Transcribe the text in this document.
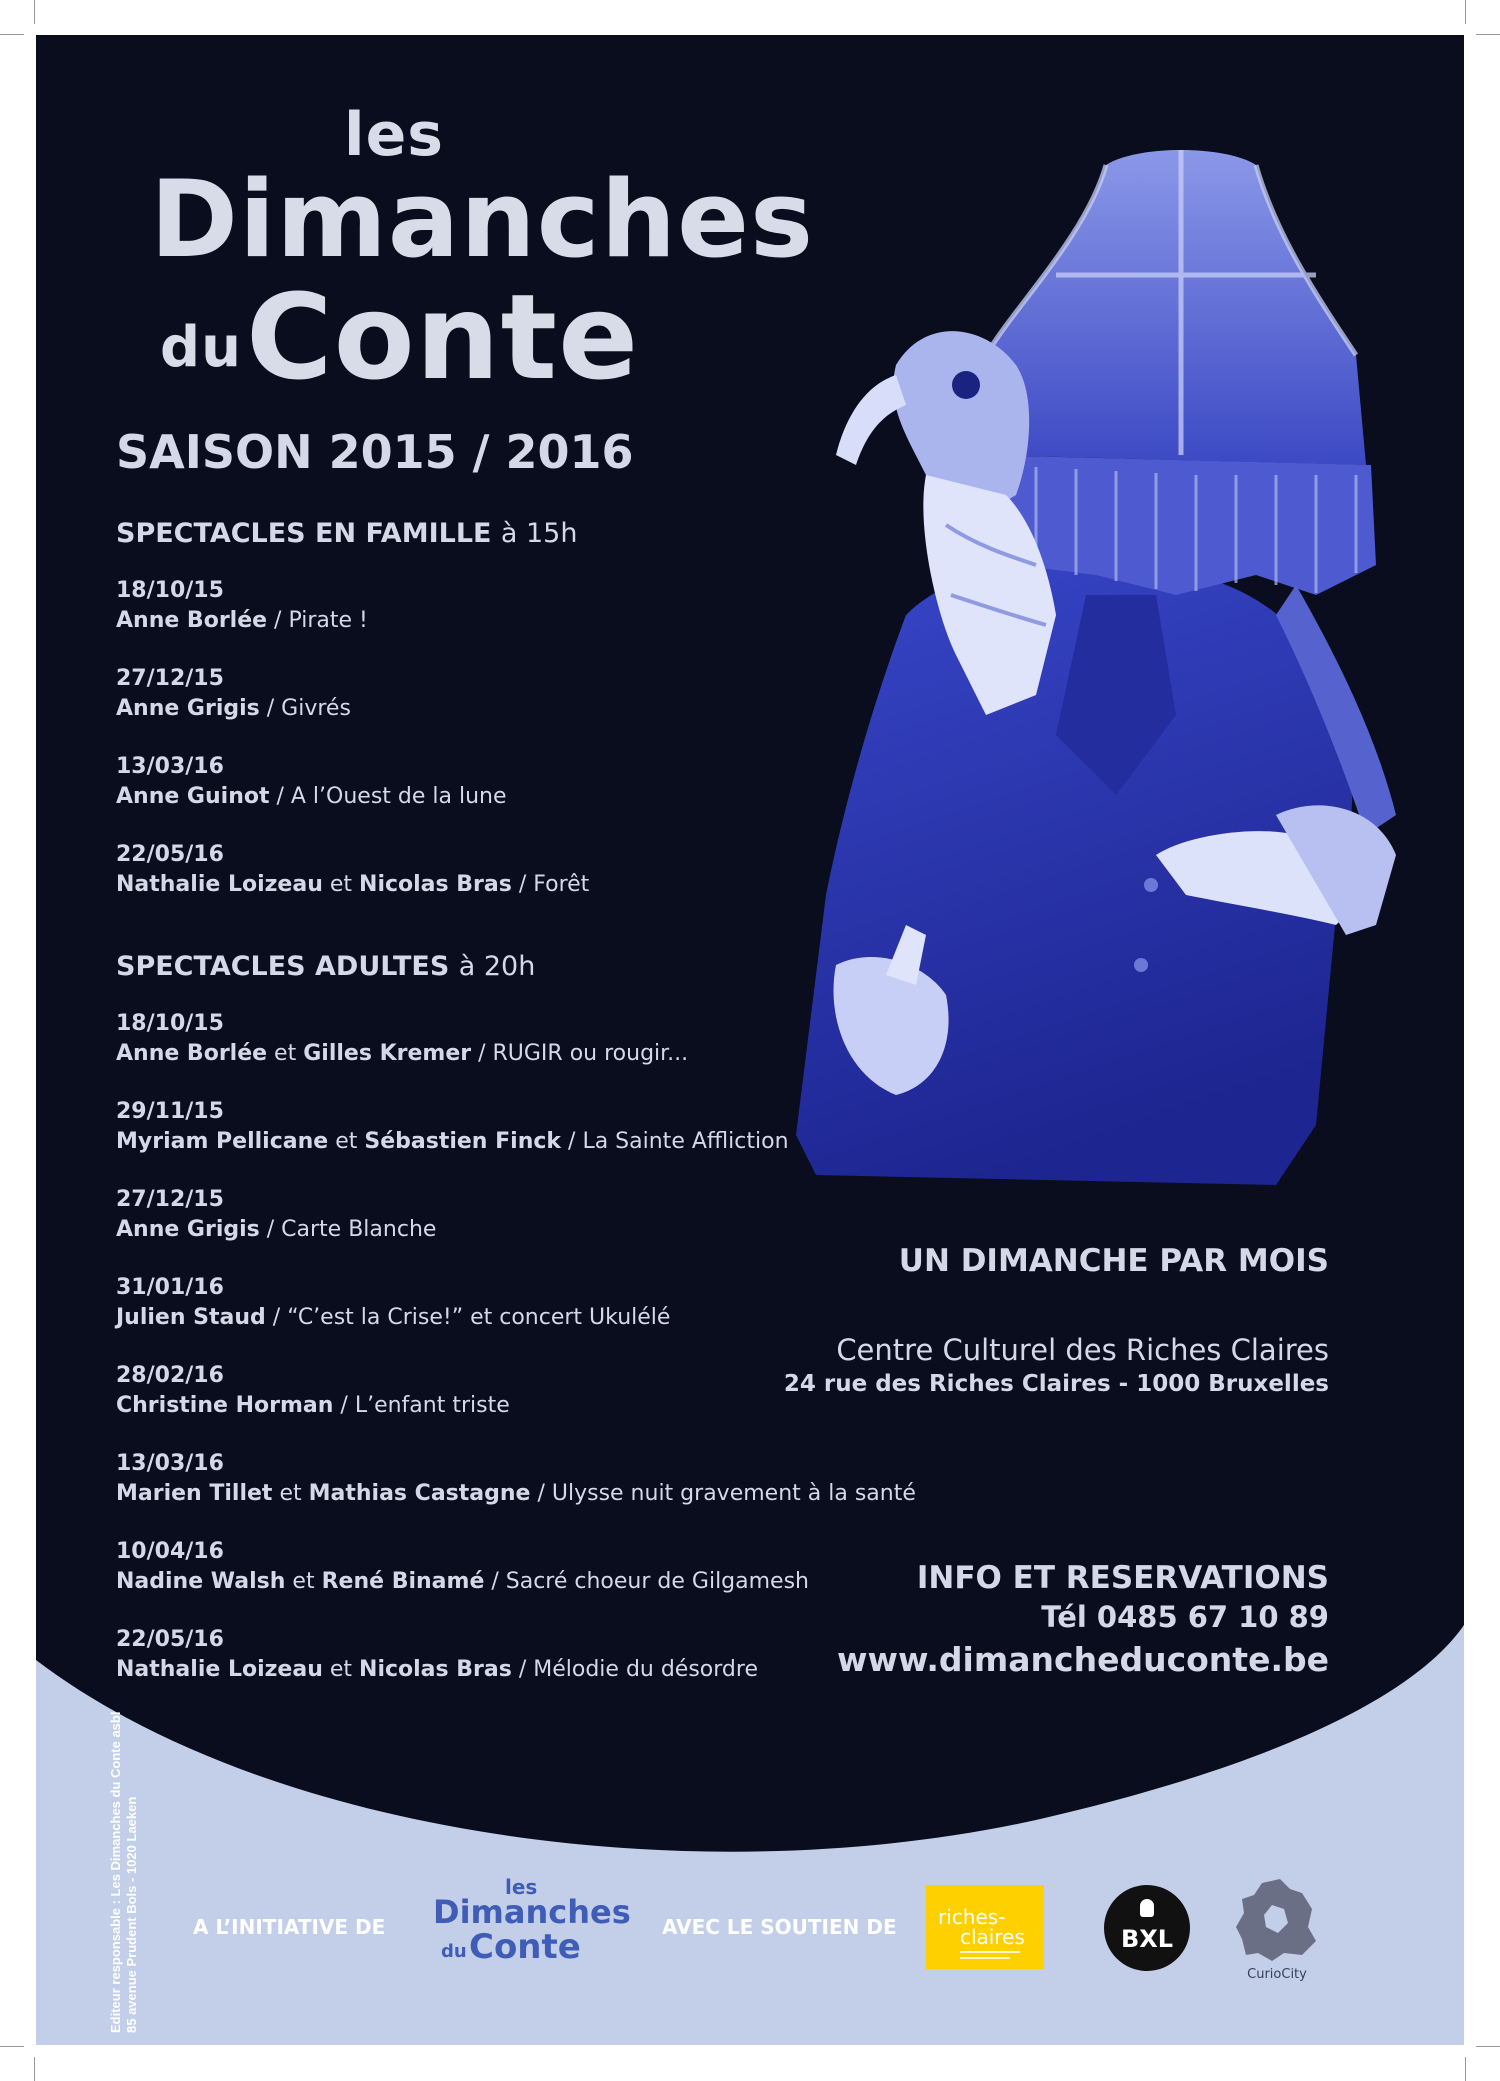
les
Dimanches
du Conte
SAISON 2015 / 2016
SPECTACLES EN FAMILLE à 15h
18/10/15
Anne Borlée / Pirate !
27/12/15
Anne Grigis / Givrés
13/03/16
Anne Guinot / A l’Ouest de la lune
22/05/16
Nathalie Loizeau et Nicolas Bras / Forêt
SPECTACLES ADULTES à 20h
18/10/15
Anne Borlée et Gilles Kremer / RUGIR ou rougir...
29/11/15
Myriam Pellicane et Sébastien Finck / La Sainte Affliction
27/12/15
Anne Grigis / Carte Blanche
31/01/16
Julien Staud / “C’est la Crise!” et concert Ukulélé
28/02/16
Christine Horman / L’enfant triste
13/03/16
Marien Tillet et Mathias Castagne / Ulysse nuit gravement à la santé
10/04/16
Nadine Walsh et René Binamé / Sacré choeur de Gilgamesh
22/05/16
Nathalie Loizeau et Nicolas Bras / Mélodie du désordre
UN DIMANCHE PAR MOIS
Centre Culturel des Riches Claires
24 rue des Riches Claires - 1000 Bruxelles
INFO ET RESERVATIONS
Tél 0485 67 10 89
www.dimancheduconte.be
Editeur responsable : Les Dimanches du Conte asbl 85 avenue Prudent Bols - 1020 Laeken	A L’INITIATIVE DE
les
Dimanches
du Conte	AVEC LE SOUTIEN DE riches-
claires	BXL
CurioCity
